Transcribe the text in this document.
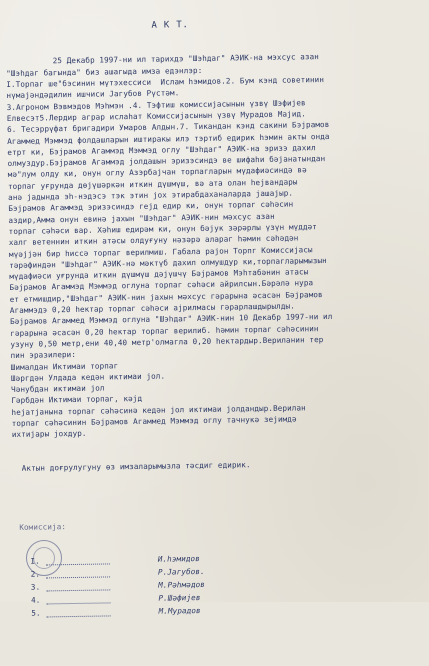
А К Т.

25 Декабр 1997-ни ил тарихдэ "Шэhдаг" АЭИК-на мэхсус азан
"Шэhдаг багында" биз ашагыда имза едэнлэр:
I.Торпаг ше"бэсинин мүтэхессиси  Ислам hэмидов.2. Бум кэнд советинин
нүмајәндәдилин ишчиси Јагубов Рүстәм.
3.Агроном Вэвмэдов Мэhмэн .4. Тэфтиш комиссијасынын үзвү Шэфијев
Елвесэт5.Лердир аграр ислаhат Комиссијасынын үзвү Мурадов Мајид.
6. Тесэррүфат бригадири Умаров Алдын.7. Тикандан кэнд сакини Бэјрамов
Агаммед Мэммэд фолдашларын иштиракы илэ тэртиб едирик hэмин акты онда
етрт ки, Бэјрамов Агаммэд Мэммэд оглу "Шэhдаг" АЭИК-на эризэ дахил
олмуздур.Бэјрамов Агаммэд јолдашын эризэсиндэ ве шифаhи бәјанатындан
мә"лум олду ки, онун оглу Азэрбаjчан торпагларын мүдафиәсиндә вә
торпаг уғрунда дөјүшәркән иткин дүшмүш, вә ата олан hејвандары
анә јадында эh-нэдэсэ тэк этин јох этирабдаханаларда јашајыр.
Бэјрамов Агаммэд эризэсиндэ гејд едир ки, онун торпаг сәhәсин
аздир,Амма онун евинә јахын "Шэhдаг" АЭИК-нин мәхсус азан
торпаг сәhәси вар. Хәһиш едирәм ки, онун бәјук зәрәрлы үзүн мүддәт
халг ветеннин иткин атәсы олдуғуну нәзәрә алараг hәмин сәһәдән
мүәјјән бир hиссә торпаг верилмиш. Габала рајон Торпг Комиссијасы
тәрәфиндән "Шэhдаг" АЭИК-нә мәктүб дахил олмушдур ки,торпагларымызын
мүдафиәси уғрунда иткин дүшмүш дәјүшчү Бәјрамов Мэһтабәнин атасы
Бәјрамов Агаммэд Мэммэд оглуна торпаг сәһәси айрилсын.Бәрәлә нура
ет етмишдир,"Шэhдаг" АЭИК-нин јахын мәхсус гәрарына әсасән Бәјрамов
Агаммэдэ 0,20 hектар торпаг сәhәси ајрилмасы гәрарлашдырылды.
Бәјрамов Агаммед Мэммэд оглуна "Шэhдаг" АЭИК-нин 10 Декабр 1997-ни ил
гәрарына әсасән 0,20 hектар торпаг верилиб. hәмин торпаг сәhәсинин
узуну 0,50 метр,ени 40,40 метр'олмагла 0,20 hектардыр.Вериланин тер
пин эразилери:
Шималдан Иктимаи торпаг
Шәргдән Улдада кедән иктимаи јол.
Чәнубдан иктимаи јол
Гәрбдән Иктимаи торпаг, кәјд
hејатјанына торпаг сәhәсинә кедән јол иктимаи јолдандыр.Верилан
торпаг сәhәсинин Бәјрамов Агаммед Мэммэд оглу тачнукә зејимдә
ихтијары јохдур.

Актын доғрулугуну өз имзаларымызла тәсдиг едирик.

Комиссија:

I.	И.hэмидов
2.	Р.Јагубов.
3.	М.Рәhмәдов
4.	Р.Шәфијев
5.	М.Мурадов
